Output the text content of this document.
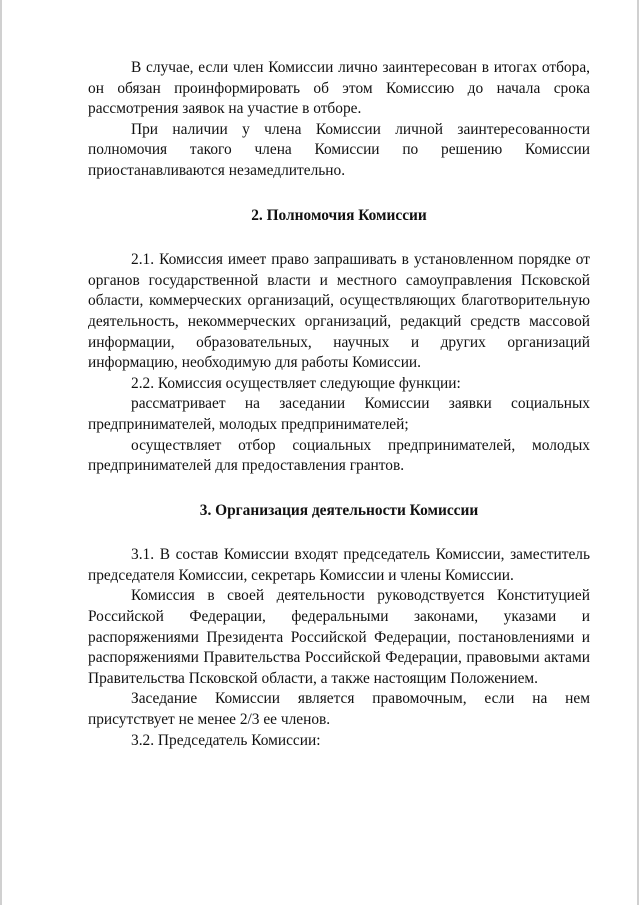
В случае, если член Комиссии лично заинтересован в итогах отбора, он обязан проинформировать об этом Комиссию до начала срока рассмотрения заявок на участие в отборе.

При наличии у члена Комиссии личной заинтересованности полномочия такого члена Комиссии по решению Комиссии приостанавливаются незамедлительно.

2. Полномочия Комиссии

2.1. Комиссия имеет право запрашивать в установленном порядке от органов государственной власти и местного самоуправления Псковской области, коммерческих организаций, осуществляющих благотворительную деятельность, некоммерческих организаций, редакций средств массовой информации, образовательных, научных и других организаций информацию, необходимую для работы Комиссии.

2.2. Комиссия осуществляет следующие функции:

рассматривает на заседании Комиссии заявки социальных предпринимателей, молодых предпринимателей;

осуществляет отбор социальных предпринимателей, молодых предпринимателей для предоставления грантов.

3. Организация деятельности Комиссии

3.1. В состав Комиссии входят председатель Комиссии, заместитель председателя Комиссии, секретарь Комиссии и члены Комиссии.

Комиссия в своей деятельности руководствуется Конституцией Российской Федерации, федеральными законами, указами и распоряжениями Президента Российской Федерации, постановлениями и распоряжениями Правительства Российской Федерации, правовыми актами Правительства Псковской области, а также настоящим Положением.

Заседание Комиссии является правомочным, если на нем присутствует не менее 2/3 ее членов.

3.2. Председатель Комиссии:
